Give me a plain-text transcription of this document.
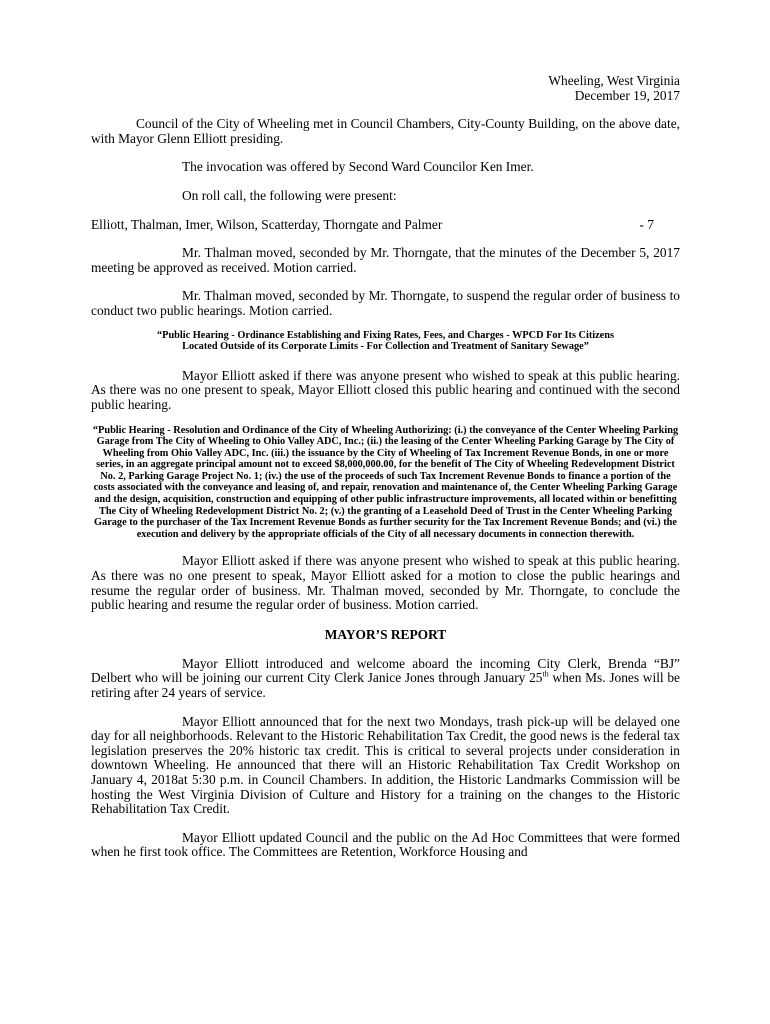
Wheeling, West Virginia

December 19, 2017

Council of the City of Wheeling met in Council Chambers, City-County Building, on the above date, with Mayor Glenn Elliott presiding.

The invocation was offered by Second Ward Councilor Ken Imer.

On roll call, the following were present:

Elliott, Thalman, Imer, Wilson, Scatterday, Thorngate and Palmer	- 7

Mr. Thalman moved, seconded by Mr. Thorngate, that the minutes of the December 5, 2017 meeting be approved as received. Motion carried.

Mr. Thalman moved, seconded by Mr. Thorngate, to suspend the regular order of business to conduct two public hearings. Motion carried.

“Public Hearing - Ordinance Establishing and Fixing Rates, Fees, and Charges - WPCD For Its Citizens Located Outside of its Corporate Limits - For Collection and Treatment of Sanitary Sewage”

Mayor Elliott asked if there was anyone present who wished to speak at this public hearing. As there was no one present to speak, Mayor Elliott closed this public hearing and continued with the second public hearing.

“Public Hearing - Resolution and Ordinance of the City of Wheeling Authorizing: (i.) the conveyance of the Center Wheeling Parking Garage from The City of Wheeling to Ohio Valley ADC, Inc.; (ii.) the leasing of the Center Wheeling Parking Garage by The City of Wheeling from Ohio Valley ADC, Inc. (iii.) the issuance by the City of Wheeling of Tax Increment Revenue Bonds, in one or more series, in an aggregate principal amount not to exceed $8,000,000.00, for the benefit of The City of Wheeling Redevelopment District No. 2, Parking Garage Project No. 1; (iv.) the use of the proceeds of such Tax Increment Revenue Bonds to finance a portion of the costs associated with the conveyance and leasing of, and repair, renovation and maintenance of, the Center Wheeling Parking Garage and the design, acquisition, construction and equipping of other public infrastructure improvements, all located within or benefitting The City of Wheeling Redevelopment District No. 2; (v.) the granting of a Leasehold Deed of Trust in the Center Wheeling Parking Garage to the purchaser of the Tax Increment Revenue Bonds as further security for the Tax Increment Revenue Bonds; and (vi.) the execution and delivery by the appropriate officials of the City of all necessary documents in connection therewith.

Mayor Elliott asked if there was anyone present who wished to speak at this public hearing. As there was no one present to speak, Mayor Elliott asked for a motion to close the public hearings and resume the regular order of business. Mr. Thalman moved, seconded by Mr. Thorngate, to conclude the public hearing and resume the regular order of business. Motion carried.

MAYOR’S REPORT

Mayor Elliott introduced and welcome aboard the incoming City Clerk, Brenda “BJ” Delbert who will be joining our current City Clerk Janice Jones through January 25th when Ms. Jones will be retiring after 24 years of service.

Mayor Elliott announced that for the next two Mondays, trash pick-up will be delayed one day for all neighborhoods. Relevant to the Historic Rehabilitation Tax Credit, the good news is the federal tax legislation preserves the 20% historic tax credit. This is critical to several projects under consideration in downtown Wheeling. He announced that there will an Historic Rehabilitation Tax Credit Workshop on January 4, 2018at 5:30 p.m. in Council Chambers. In addition, the Historic Landmarks Commission will be hosting the West Virginia Division of Culture and History for a training on the changes to the Historic Rehabilitation Tax Credit.

Mayor Elliott updated Council and the public on the Ad Hoc Committees that were formed when he first took office. The Committees are Retention, Workforce Housing and
